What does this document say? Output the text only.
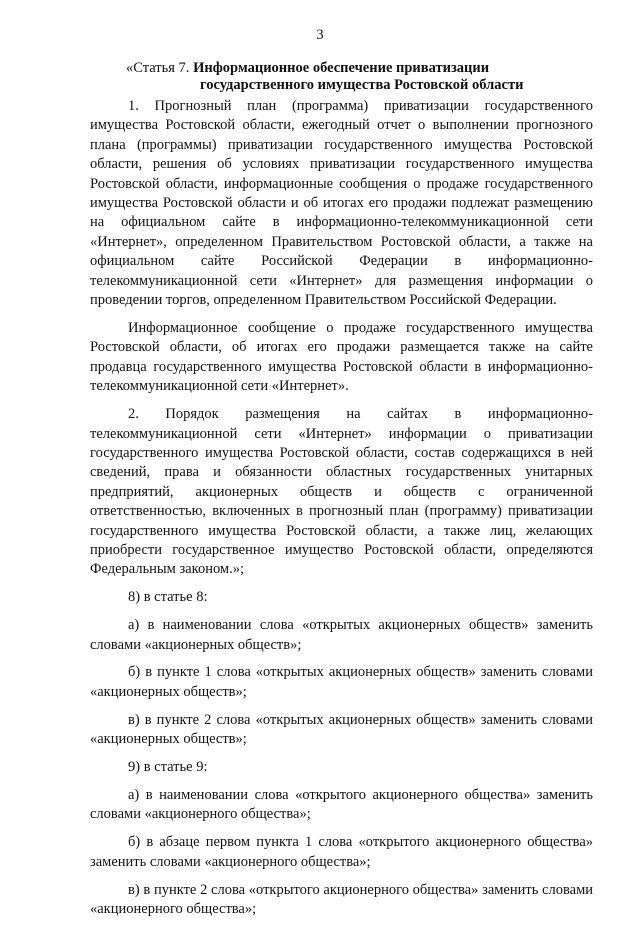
3
«Статья 7. Информационное обеспечение приватизации
государственного имущества Ростовской области

1. Прогнозный план (программа) приватизации государственного имущества Ростовской области, ежегодный отчет о выполнении прогнозного плана (программы) приватизации государственного имущества Ростовской области, решения об условиях приватизации государственного имущества Ростовской области, информационные сообщения о продаже государственного имущества Ростовской области и об итогах его продажи подлежат размещению на официальном сайте в информационно-телекоммуникационной сети «Интернет», определенном Правительством Ростовской области, а также на официальном сайте Российской Федерации в информационно-телекоммуникационной сети «Интернет» для размещения информации о проведении торгов, определенном Правительством Российской Федерации.

Информационное сообщение о продаже государственного имущества Ростовской области, об итогах его продажи размещается также на сайте продавца государственного имущества Ростовской области в информационно-телекоммуникационной сети «Интернет».

2. Порядок размещения на сайтах в информационно-телекоммуникационной сети «Интернет» информации о приватизации государственного имущества Ростовской области, состав содержащихся в ней сведений, права и обязанности областных государственных унитарных предприятий, акционерных обществ и обществ с ограниченной ответственностью, включенных в прогнозный план (программу) приватизации государственного имущества Ростовской области, а также лиц, желающих приобрести государственное имущество Ростовской области, определяются Федеральным законом.»;

8) в статье 8:

а) в наименовании слова «открытых акционерных обществ» заменить словами «акционерных обществ»;

б) в пункте 1 слова «открытых акционерных обществ» заменить словами «акционерных обществ»;

в) в пункте 2 слова «открытых акционерных обществ» заменить словами «акционерных обществ»;

9) в статье 9:

а) в наименовании слова «открытого акционерного общества» заменить словами «акционерного общества»;

б) в абзаце первом пункта 1 слова «открытого акционерного общества» заменить словами «акционерного общества»;

в) в пункте 2 слова «открытого акционерного общества» заменить словами «акционерного общества»;
